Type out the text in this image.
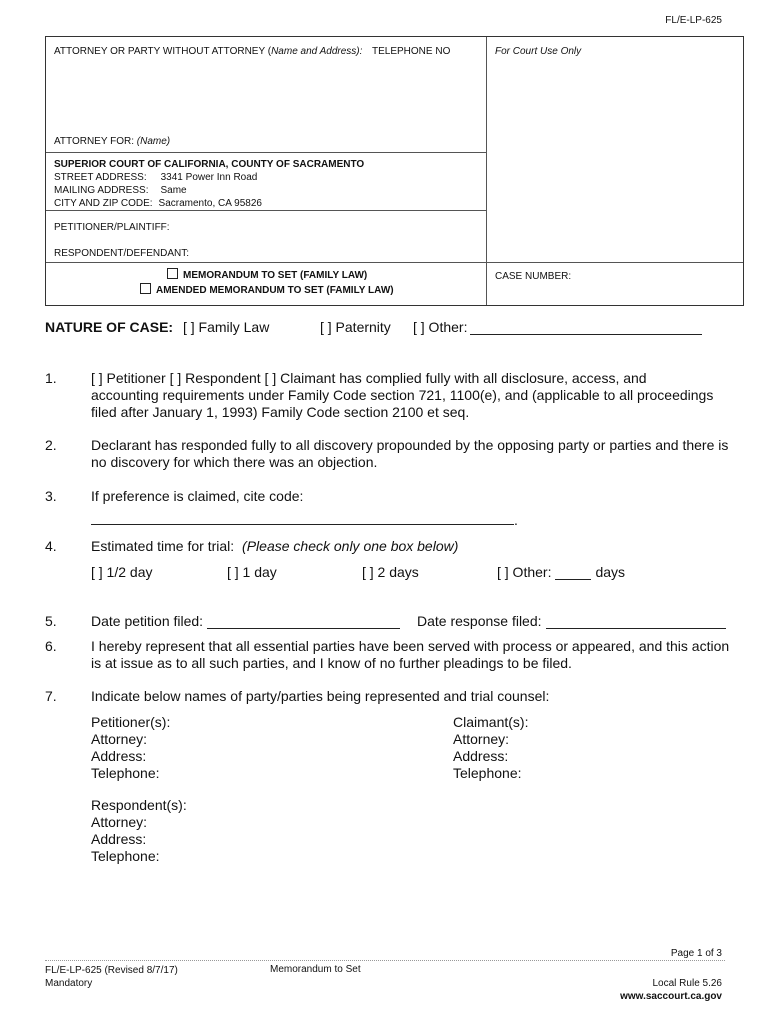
FL/E-LP-625
ATTORNEY OR PARTY WITHOUT ATTORNEY (Name and Address): TELEPHONE NO	For Court Use Only
ATTORNEY FOR: (Name)
SUPERIOR COURT OF CALIFORNIA, COUNTY OF SACRAMENTO
STREET ADDRESS: 3341 Power Inn Road
MAILING ADDRESS: Same
CITY AND ZIP CODE: Sacramento, CA 95826
PETITIONER/PLAINTIFF:
RESPONDENT/DEFENDANT:
MEMORANDUM TO SET (FAMILY LAW)
AMENDED MEMORANDUM TO SET (FAMILY LAW)
CASE NUMBER:
NATURE OF CASE: [ ] Family Law	[ ] Paternity [ ] Other:
1. [ ] Petitioner [ ] Respondent [ ] Claimant has complied fully with all disclosure, access, and
accounting requirements under Family Code section 721, 1100(e), and (applicable to all proceedings
filed after January 1, 1993) Family Code section 2100 et seq.
2. Declarant has responded fully to all discovery propounded by the opposing party or parties and there is
no discovery for which there was an objection.
3. If preference is claimed, cite code:
.
4. Estimated time for trial: (Please check only one box below)
[ ] 1/2 day	[ ] 1 day	[ ] 2 days	[ ] Other:	days
5. Date petition filed:	Date response filed:
6. I hereby represent that all essential parties have been served with process or appeared, and this action
is at issue as to all such parties, and I know of no further pleadings to be filed.
7. Indicate below names of party/parties being represented and trial counsel:
Petitioner(s):
Attorney:
Address:
Telephone:
Claimant(s):
Attorney:
Address:
Telephone:
Respondent(s):
Attorney:
Address:
Telephone:
Page 1 of 3
FL/E-LP-625 (Revised 8/7/17)
Mandatory
Memorandum to Set
Local Rule 5.26
www.saccourt.ca.gov
